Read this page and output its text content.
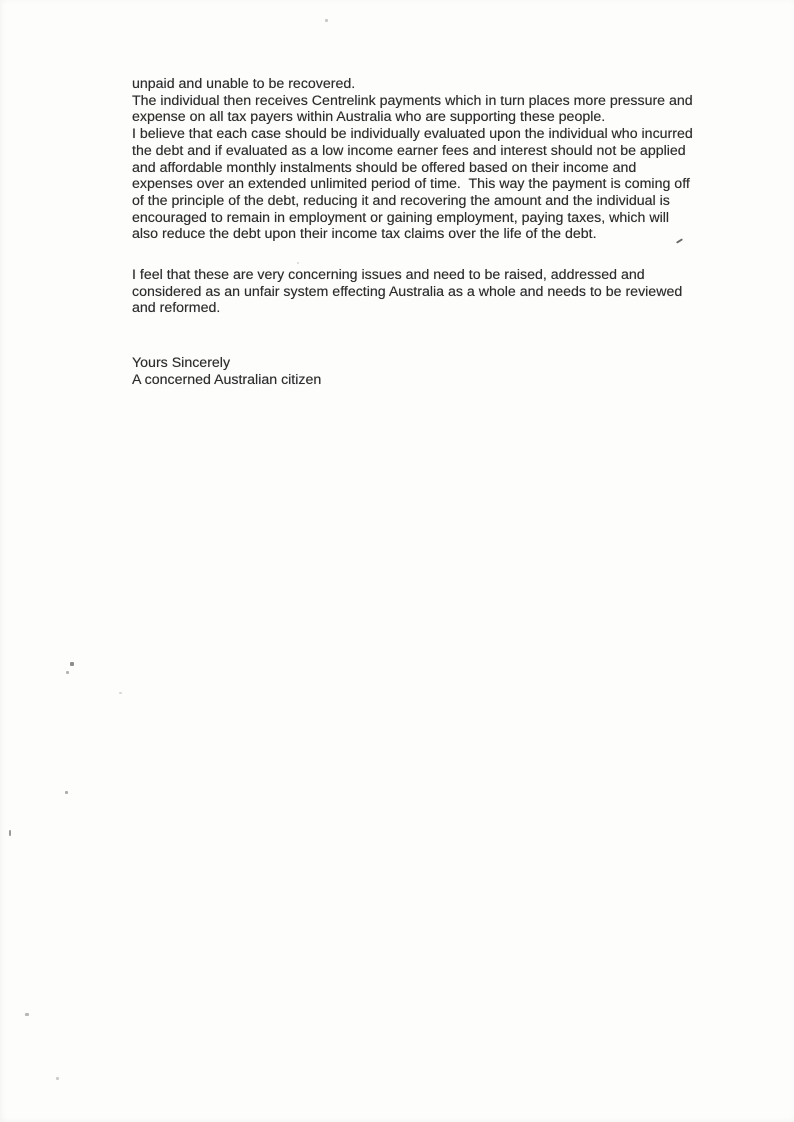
unpaid and unable to be recovered.
The individual then receives Centrelink payments which in turn places more pressure and
expense on all tax payers within Australia who are supporting these people.
I believe that each case should be individually evaluated upon the individual who incurred
the debt and if evaluated as a low income earner fees and interest should not be applied
and affordable monthly instalments should be offered based on their income and
expenses over an extended unlimited period of time.  This way the payment is coming off
of the principle of the debt, reducing it and recovering the amount and the individual is
encouraged to remain in employment or gaining employment, paying taxes, which will
also reduce the debt upon their income tax claims over the life of the debt.
I feel that these are very concerning issues and need to be raised, addressed and
considered as an unfair system effecting Australia as a whole and needs to be reviewed
and reformed.
Yours Sincerely
A concerned Australian citizen
